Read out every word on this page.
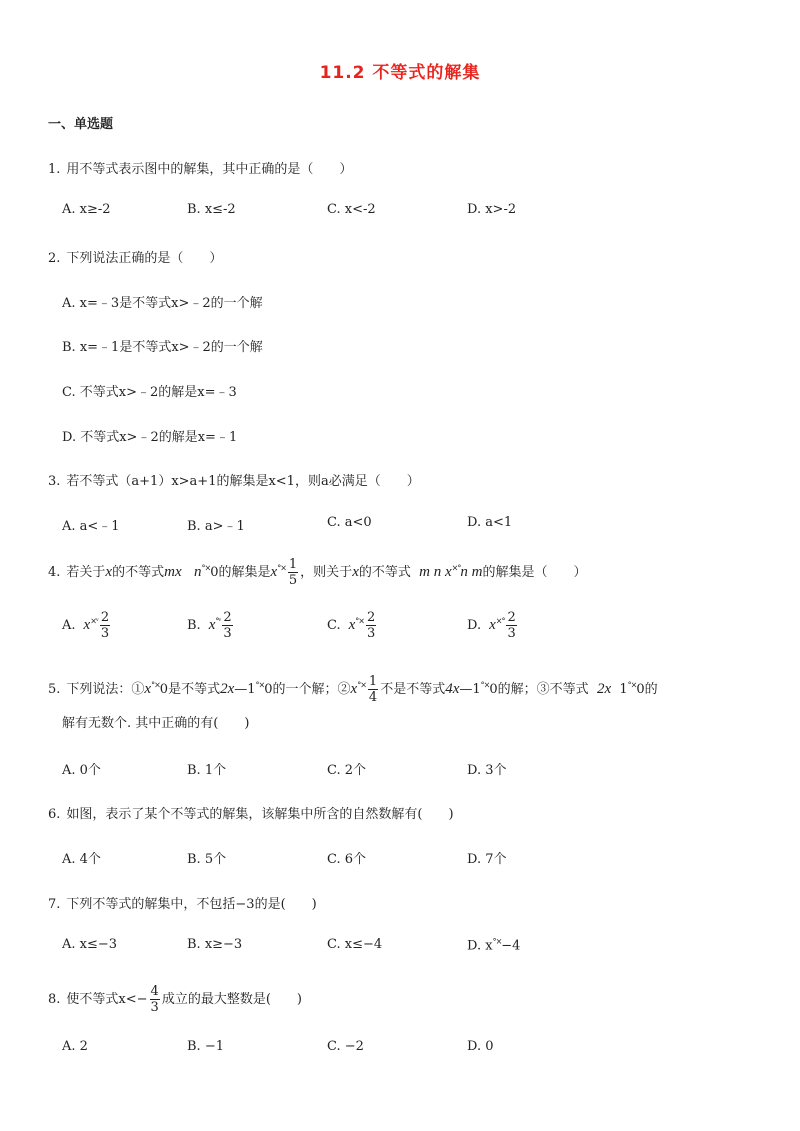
11.2 不等式的解集
一、单选题
1. 用不等式表示图中的解集，其中正确的是（　　）
A. x≥-2	B. x≤-2	C. x<-2	D. x>-2
2. 下列说法正确的是（　　）
A. x=﹣3是不等式x>﹣2的一个解
B. x=﹣1是不等式x>﹣2的一个解
C. 不等式x>﹣2的解是x=﹣3
D. 不等式x>﹣2的解是x=﹣1
3. 若不等式（a+1）x>a+1的解集是x<1，则a必满足（　　）
A. a<﹣1	B. a>﹣1	C. a<0	D. a<1
4. 若关于x的不等式mx n°×0的解集是$x^{^\circ\times} \frac{1}{5}$ ，则关于x的不等式 m n x×°n m的解集是（　　）
A. $x^{\times ᵛ} \frac{2}{3}$	B. $x^{^\circ ᵛ} \frac{2}{3}$	C. $x^{^\circ\times} \frac{2}{3}$	D. $x^{\times^\circ} \frac{2}{3}$
5. 下列说法：①x°×0是不等式2x—1°×0的一个解；②x°× $\frac{1}{4}$ 不是不等式4x—1°×0的解；③不等式 2x 1°×0的
解有无数个. 其中正确的有(　　)
A. 0个	B. 1个	C. 2个	D. 3个
6. 如图，表示了某个不等式的解集，该解集中所含的自然数解有(　　)
A. 4个	B. 5个	C. 6个	D. 7个
7. 下列不等式的解集中，不包括−3的是(　　)
A. x≤−3	B. x≥−3	C. x≤−4	D. x°×−4
8. 使不等式$x<- \frac{4}{3}$ 成立的最大整数是(　　)
A. 2	B. −1	C. −2	D. 0
